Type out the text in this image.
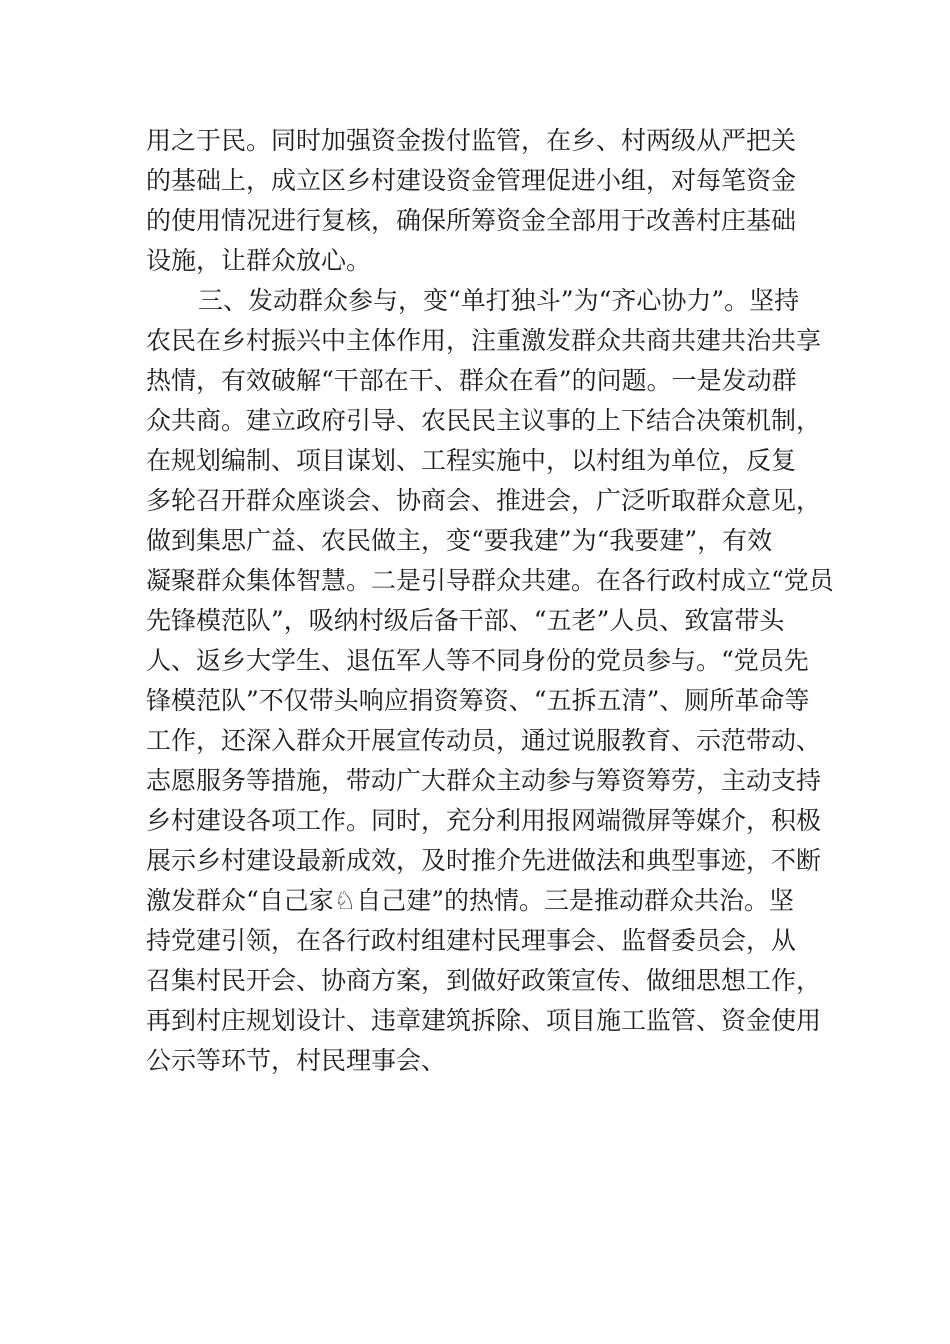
用之于民。同时加强资金拨付监管，在乡、村两级从严把关
的基础上，成立区乡村建设资金管理促进小组，对每笔资金
的使用情况进行复核，确保所筹资金全部用于改善村庄基础
设施，让群众放心。
三、发动群众参与，变“单打独斗”为“齐心协力”。坚持
农民在乡村振兴中主体作用，注重激发群众共商共建共治共享
热情，有效破解“干部在干、群众在看”的问题。一是发动群
众共商。建立政府引导、农民民主议事的上下结合决策机制，
在规划编制、项目谋划、工程实施中，以村组为单位，反复
多轮召开群众座谈会、协商会、推进会，广泛听取群众意见，
做到集思广益、农民做主，变“要我建”为“我要建”，有效
凝聚群众集体智慧。二是引导群众共建。在各行政村成立“党员
先锋模范队”，吸纳村级后备干部、“五老”人员、致富带头
人、返乡大学生、退伍军人等不同身份的党员参与。“党员先
锋模范队”不仅带头响应捐资筹资、“五拆五清”、厕所革命等
工作，还深入群众开展宣传动员，通过说服教育、示范带动、
志愿服务等措施，带动广大群众主动参与筹资筹劳，主动支持
乡村建设各项工作。同时，充分利用报网端微屏等媒介，积极
展示乡村建设最新成效，及时推介先进做法和典型事迹，不断
激发群众“自己家♘自己建”的热情。三是推动群众共治。坚
持党建引领，在各行政村组建村民理事会、监督委员会，从
召集村民开会、协商方案，到做好政策宣传、做细思想工作，
再到村庄规划设计、违章建筑拆除、项目施工监管、资金使用
公示等环节，村民理事会、
